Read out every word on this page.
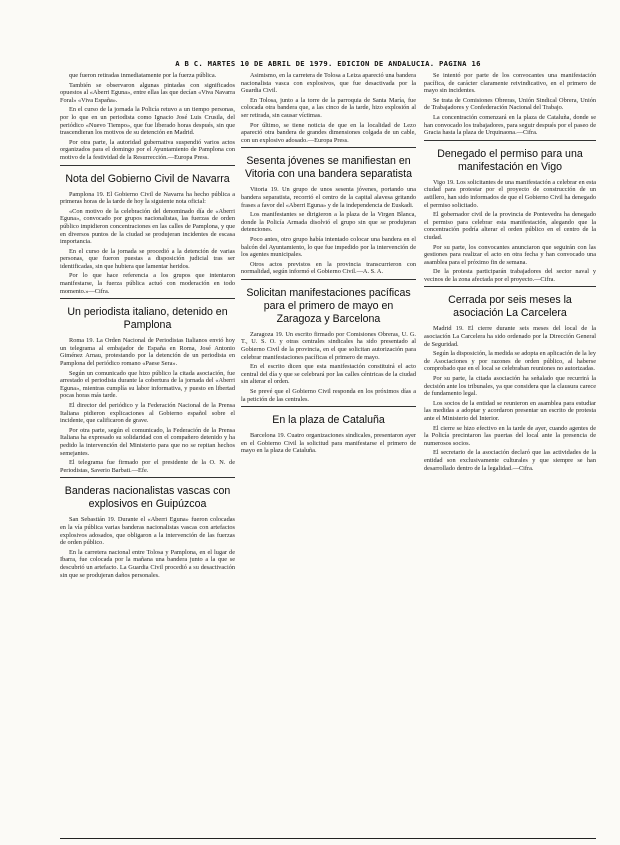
A B C. MARTES 10 DE ABRIL DE 1979. EDICION DE ANDALUCIA. PAGINA 16

que fueron retiradas inmediatamente por la fuerza pública.

También se observaron algunas pintadas con significados opuestos al «Aberri Eguna», entre ellas las que decían «Viva Navarra Foral» «Viva España».

En el curso de la jornada la Policía retuvo a un tiempo personas, por lo que en un periodista como Ignacio José Luis Crusila, del periódico «Nuevo Tiempo», que fue liberado horas después, sin que trascendieran los motivos de su detención en Madrid.

Por otra parte, la autoridad gubernativa suspendió varios actos organizados para el domingo por el Ayuntamiento de Pamplona con motivo de la festividad de la Resurrección.—Europa Press.

Nota del Gobierno Civil de Navarra

Pamplona 19. El Gobierno Civil de Navarra ha hecho pública a primeras horas de la tarde de hoy la siguiente nota oficial:

«Con motivo de la celebración del denominado día de «Aberri Eguna», convocado por grupos nacionalistas, las fuerzas de orden público impidieron concentraciones en las calles de Pamplona, y que en diversos puntos de la ciudad se produjeran incidentes de escasa importancia.

En el curso de la jornada se procedió a la detención de varias personas, que fueron puestas a disposición judicial tras ser identificadas, sin que hubiera que lamentar heridos.

Por lo que hace referencia a los grupos que intentaron manifestarse, la fuerza pública actuó con moderación en todo momento.»—Cifra.

Un periodista italiano, detenido en Pamplona

Roma 19. La Orden Nacional de Periodistas Italianos envió hoy un telegrama al embajador de España en Roma, José Antonio Giménez Arnau, protestando por la detención de un periodista en Pamplona del periódico romano «Paese Sera».

Según un comunicado que hizo público la citada asociación, fue arrestado el periodista durante la cobertura de la jornada del «Aberri Eguna», mientras cumplía su labor informativa, y puesto en libertad pocas horas más tarde.

El director del periódico y la Federación Nacional de la Prensa Italiana pidieron explicaciones al Gobierno español sobre el incidente, que calificaron de grave.

Por otra parte, según el comunicado, la Federación de la Prensa Italiana ha expresado su solidaridad con el compañero detenido y ha pedido la intervención del Ministerio para que no se repitan hechos semejantes.

El telegrama fue firmado por el presidente de la O. N. de Periodistas, Saverio Barbati.—Efe.

Banderas nacionalistas vascas con explosivos en Guipúzcoa

San Sebastián 19. Durante el «Aberri Eguna» fueron colocadas en la vía pública varias banderas nacionalistas vascas con artefactos explosivos adosados, que obligaron a la intervención de las fuerzas de orden público.

En la carretera nacional entre Tolosa y Pamplona, en el lugar de Ibarra, fue colocada por la mañana una bandera junto a la que se descubrió un artefacto. La Guardia Civil procedió a su desactivación sin que se produjeran daños personales.

Asimismo, en la carretera de Tolosa a Leiza apareció una bandera nacionalista vasca con explosivos, que fue desactivada por la Guardia Civil.

En Tolosa, junto a la torre de la parroquia de Santa María, fue colocada otra bandera que, a las cinco de la tarde, hizo explosión al ser retirada, sin causar víctimas.

Por último, se tiene noticia de que en la localidad de Lezo apareció otra bandera de grandes dimensiones colgada de un cable, con un explosivo adosado.—Europa Press.

Sesenta jóvenes se manifiestan en Vitoria con una bandera separatista

Vitoria 19. Un grupo de unos sesenta jóvenes, portando una bandera separatista, recorrió el centro de la capital alavesa gritando frases a favor del «Aberri Eguna» y de la independencia de Euskadi.

Los manifestantes se dirigieron a la plaza de la Virgen Blanca, donde la Policía Armada disolvió el grupo sin que se produjeran detenciones.

Poco antes, otro grupo había intentado colocar una bandera en el balcón del Ayuntamiento, lo que fue impedido por la intervención de los agentes municipales.

Otros actos previstos en la provincia transcurrieron con normalidad, según informó el Gobierno Civil.—A. S. A.

Solicitan manifestaciones pacíficas para el primero de mayo en Zaragoza y Barcelona

Zaragoza 19. Un escrito firmado por Comisiones Obreras, U. G. T., U. S. O. y otras centrales sindicales ha sido presentado al Gobierno Civil de la provincia, en el que solicitan autorización para celebrar manifestaciones pacíficas el primero de mayo.

En el escrito dicen que esta manifestación constituirá el acto central del día y que se celebrará por las calles céntricas de la ciudad sin alterar el orden.

Se prevé que el Gobierno Civil responda en los próximos días a la petición de las centrales.

En la plaza de Cataluña

Barcelona 19. Cuatro organizaciones sindicales, presentaron ayer en el Gobierno Civil la solicitud para manifestarse el primero de mayo en la plaza de Cataluña.

Se intentó por parte de los convocantes una manifestación pacífica, de carácter claramente reivindicativo, en el primero de mayo sin incidentes.

Se trata de Comisiones Obreras, Unión Sindical Obrera, Unión de Trabajadores y Confederación Nacional del Trabajo.

La concentración comenzará en la plaza de Cataluña, donde se han convocado los trabajadores, para seguir después por el paseo de Gracia hasta la plaza de Urquinaona.—Cifra.

Denegado el permiso para una manifestación en Vigo

Vigo 19. Los solicitantes de una manifestación a celebrar en esta ciudad para protestar por el proyecto de construcción de un astillero, han sido informados de que el Gobierno Civil ha denegado el permiso solicitado.

El gobernador civil de la provincia de Pontevedra ha denegado el permiso para celebrar esta manifestación, alegando que la concentración podría alterar el orden público en el centro de la ciudad.

Por su parte, los convocantes anunciaron que seguirán con las gestiones para realizar el acto en otra fecha y han convocado una asamblea para el próximo fin de semana.

De la protesta participarán trabajadores del sector naval y vecinos de la zona afectada por el proyecto.—Cifra.

Cerrada por seis meses la asociación La Carcelera

Madrid 19. El cierre durante seis meses del local de la asociación La Carcelera ha sido ordenado por la Dirección General de Seguridad.

Según la disposición, la medida se adopta en aplicación de la ley de Asociaciones y por razones de orden público, al haberse comprobado que en el local se celebraban reuniones no autorizadas.

Por su parte, la citada asociación ha señalado que recurrirá la decisión ante los tribunales, ya que considera que la clausura carece de fundamento legal.

Los socios de la entidad se reunieron en asamblea para estudiar las medidas a adoptar y acordaron presentar un escrito de protesta ante el Ministerio del Interior.

El cierre se hizo efectivo en la tarde de ayer, cuando agentes de la Policía precintaron las puertas del local ante la presencia de numerosos socios.

El secretario de la asociación declaró que las actividades de la entidad son exclusivamente culturales y que siempre se han desarrollado dentro de la legalidad.—Cifra.
